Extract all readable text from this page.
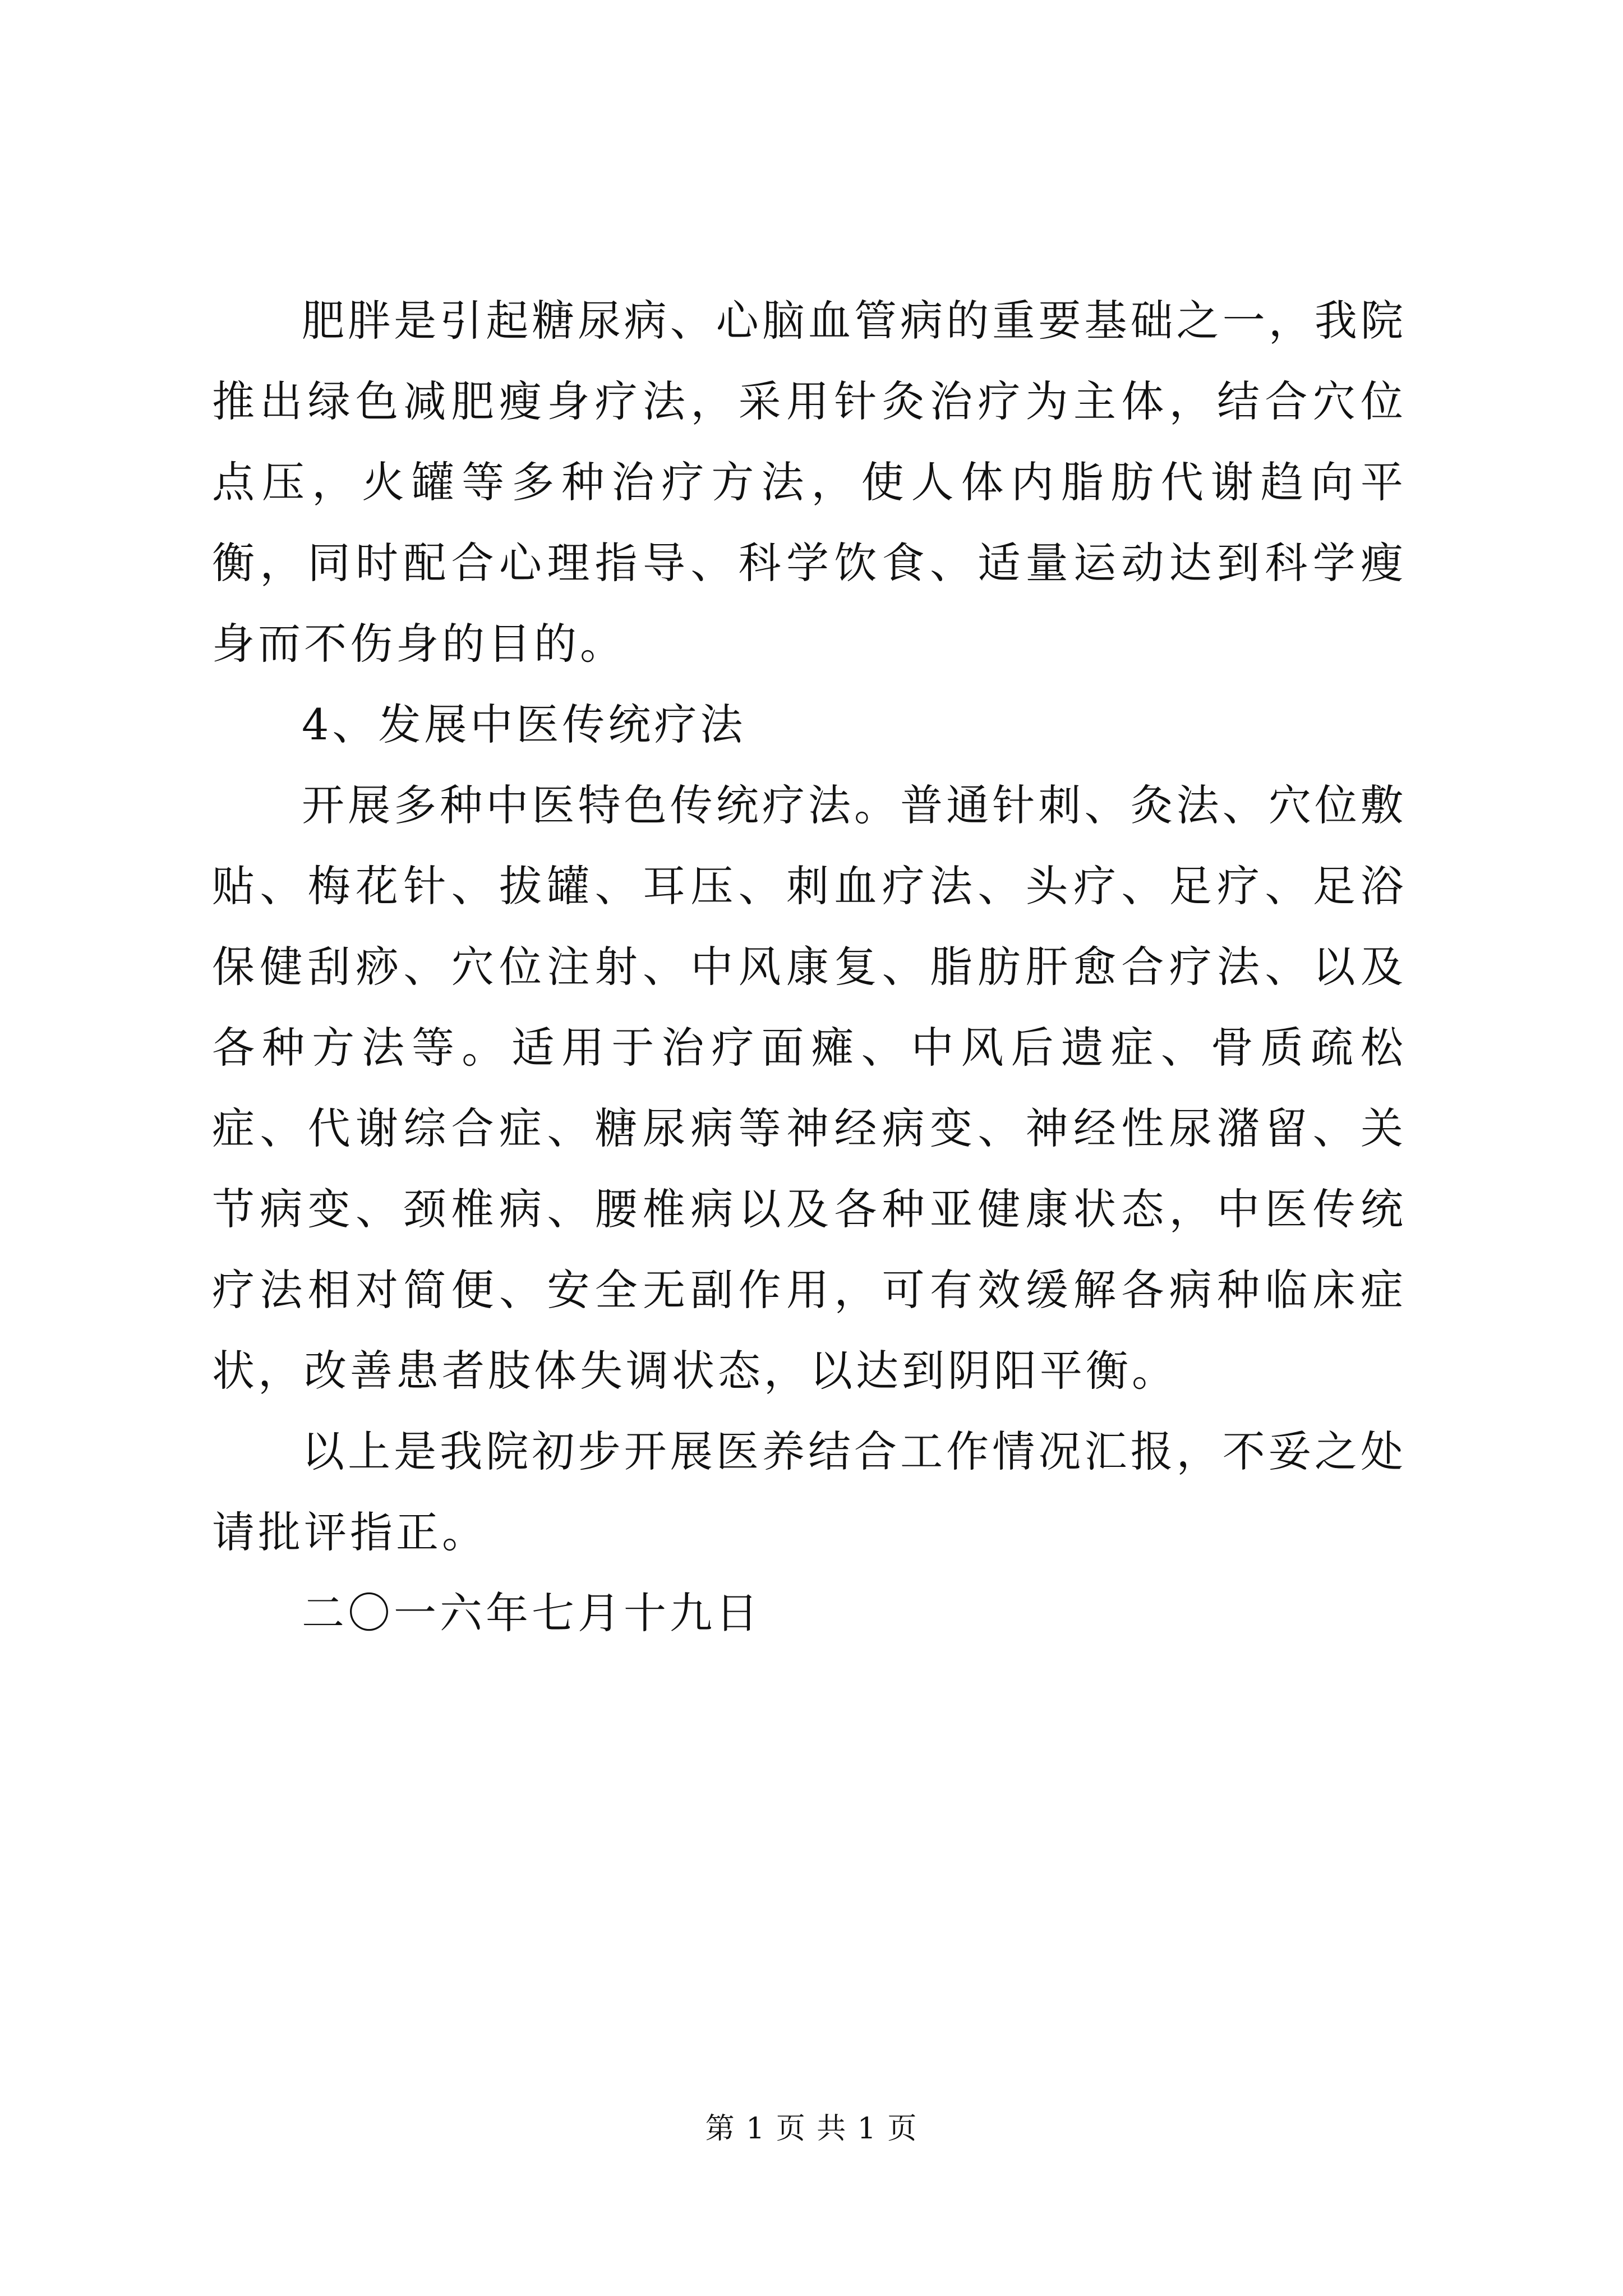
肥胖是引起糖尿病、心脑血管病的重要基础之一，我院推出绿色减肥瘦身疗法，采用针灸治疗为主体，结合穴位点压，火罐等多种治疗方法，使人体内脂肪代谢趋向平衡，同时配合心理指导、科学饮食、适量运动达到科学瘦身而不伤身的目的。

4、发展中医传统疗法

开展多种中医特色传统疗法。普通针刺、灸法、穴位敷贴、梅花针、拔罐、耳压、刺血疗法、头疗、足疗、足浴保健刮痧、穴位注射、中风康复、脂肪肝愈合疗法、以及各种方法等。适用于治疗面瘫、中风后遗症、骨质疏松症、代谢综合症、糖尿病等神经病变、神经性尿潴留、关节病变、颈椎病、腰椎病以及各种亚健康状态，中医传统疗法相对简便、安全无副作用，可有效缓解各病种临床症状，改善患者肢体失调状态，以达到阴阳平衡。

以上是我院初步开展医养结合工作情况汇报，不妥之处请批评指正。

二〇一六年七月十九日

第 1 页 共 1 页
